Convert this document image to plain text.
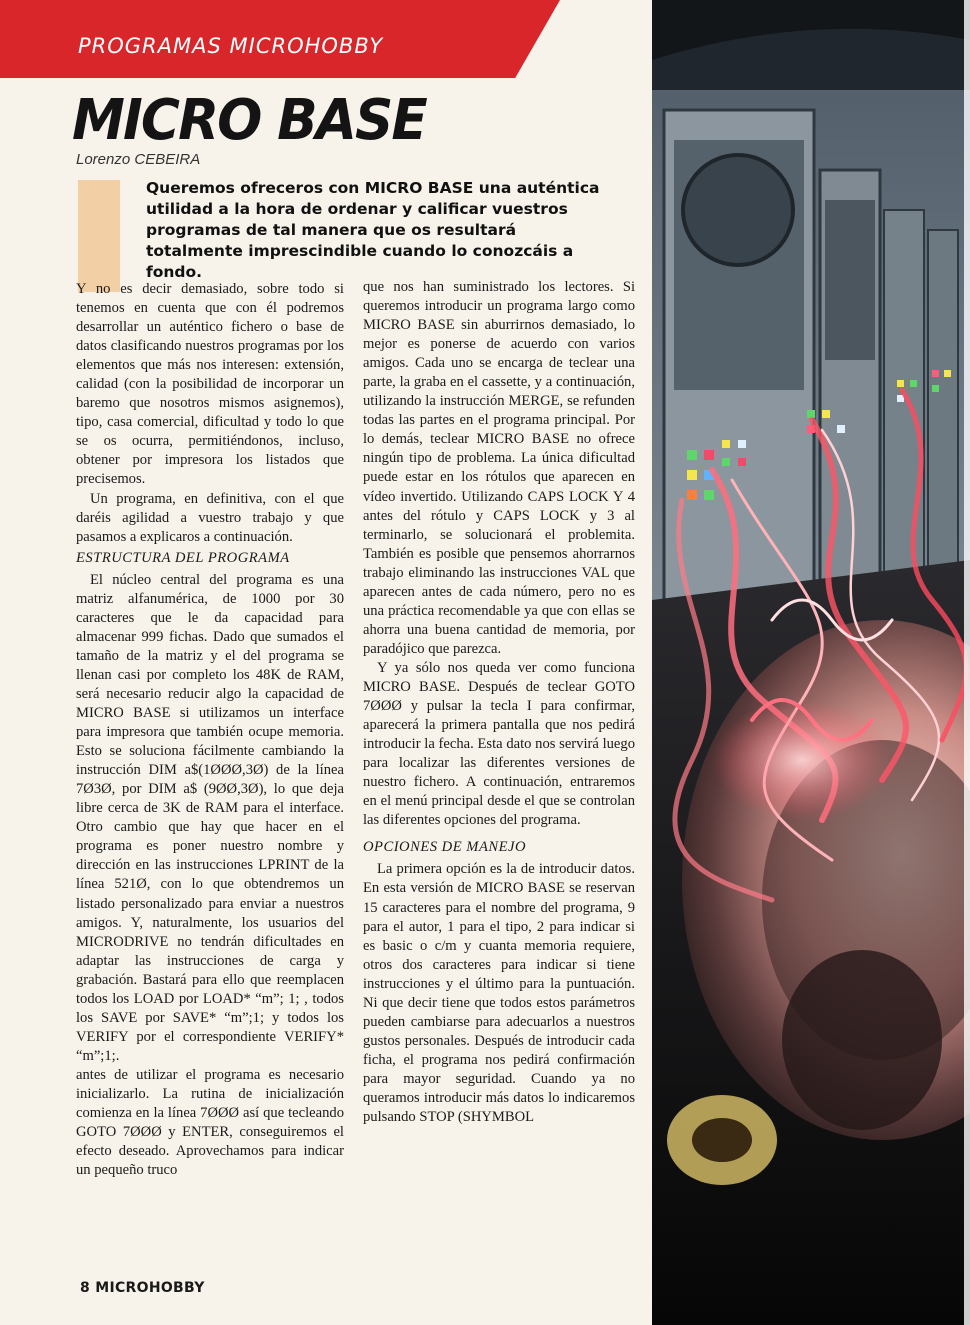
PROGRAMAS MICROHOBBY
MICRO BASE
Lorenzo CEBEIRA
Queremos ofreceros con MICRO BASE una auténtica utilidad a la hora de ordenar y calificar vuestros programas de tal manera que os resultará totalmente imprescindible cuando lo conozcáis a fondo.

Y no es decir demasiado, sobre todo si tenemos en cuenta que con él podremos desarrollar un auténtico fichero o base de datos clasificando nuestros programas por los elementos que más nos interesen: extensión, calidad (con la posibilidad de incorporar un baremo que nosotros mismos asignemos), tipo, casa comercial, dificultad y todo lo que se os ocurra, permitiéndonos, incluso, obtener por impresora los listados que precisemos.

Un programa, en definitiva, con el que daréis agilidad a vuestro trabajo y que pasamos a explicaros a continuación.

ESTRUCTURA DEL PROGRAMA

El núcleo central del programa es una matriz alfanumérica, de 1000 por 30 caracteres que le da capacidad para almacenar 999 fichas. Dado que sumados el tamaño de la matriz y el del programa se llenan casi por completo los 48K de RAM, será necesario reducir algo la capacidad de MICRO BASE si utilizamos un interface para impresora que también ocupe memoria. Esto se soluciona fácilmente cambiando la instrucción DIM a$(1ØØØ,3Ø) de la línea 7Ø3Ø, por DIM a$ (9ØØ,3Ø), lo que deja libre cerca de 3K de RAM para el interface. Otro cambio que hay que hacer en el programa es poner nuestro nombre y dirección en las instrucciones LPRINT de la línea 521Ø, con lo que obtendremos un listado personalizado para enviar a nuestros amigos. Y, naturalmente, los usuarios del MICRODRIVE no tendrán dificultades en adaptar las instrucciones de carga y grabación. Bastará para ello que reemplacen todos los LOAD por LOAD* “m”; 1; , todos los SAVE por SAVE* “m”;1; y todos los VERIFY por el correspondiente VERIFY* “m”;1;.

antes de utilizar el programa es necesario inicializarlo. La rutina de inicialización comienza en la línea 7ØØØ así que tecleando GOTO 7ØØØ y ENTER, conseguiremos el efecto deseado. Aprovechamos para indicar un pequeño truco

que nos han suministrado los lectores. Si queremos introducir un programa largo como MICRO BASE sin aburrirnos demasiado, lo mejor es ponerse de acuerdo con varios amigos. Cada uno se encarga de teclear una parte, la graba en el cassette, y a continuación, utilizando la instrucción MERGE, se refunden todas las partes en el programa principal. Por lo demás, teclear MICRO BASE no ofrece ningún tipo de problema. La única dificultad puede estar en los rótulos que aparecen en vídeo invertido. Utilizando CAPS LOCK Y 4 antes del rótulo y CAPS LOCK y 3 al terminarlo, se solucionará el problemita. También es posible que pensemos ahorrarnos trabajo eliminando las instrucciones VAL que aparecen antes de cada número, pero no es una práctica recomendable ya que con ellas se ahorra una buena cantidad de memoria, por paradójico que parezca.

Y ya sólo nos queda ver como funciona MICRO BASE. Después de teclear GOTO 7ØØØ y pulsar la tecla I para confirmar, aparecerá la primera pantalla que nos pedirá introducir la fecha. Esta dato nos servirá luego para localizar las diferentes versiones de nuestro fichero. A continuación, entraremos en el menú principal desde el que se controlan las diferentes opciones del programa.

OPCIONES DE MANEJO

La primera opción es la de introducir datos. En esta versión de MICRO BASE se reservan 15 caracteres para el nombre del programa, 9 para el autor, 1 para el tipo, 2 para indicar si es basic o c/m y cuanta memoria requiere, otros dos caracteres para indicar si tiene instrucciones y el último para la puntuación. Ni que decir tiene que todos estos parámetros pueden cambiarse para adecuarlos a nuestros gustos personales. Después de introducir cada ficha, el programa nos pedirá confirmación para mayor seguridad. Cuando ya no queramos introducir más datos lo indicaremos pulsando STOP (SHYMBOL

8 MICROHOBBY
